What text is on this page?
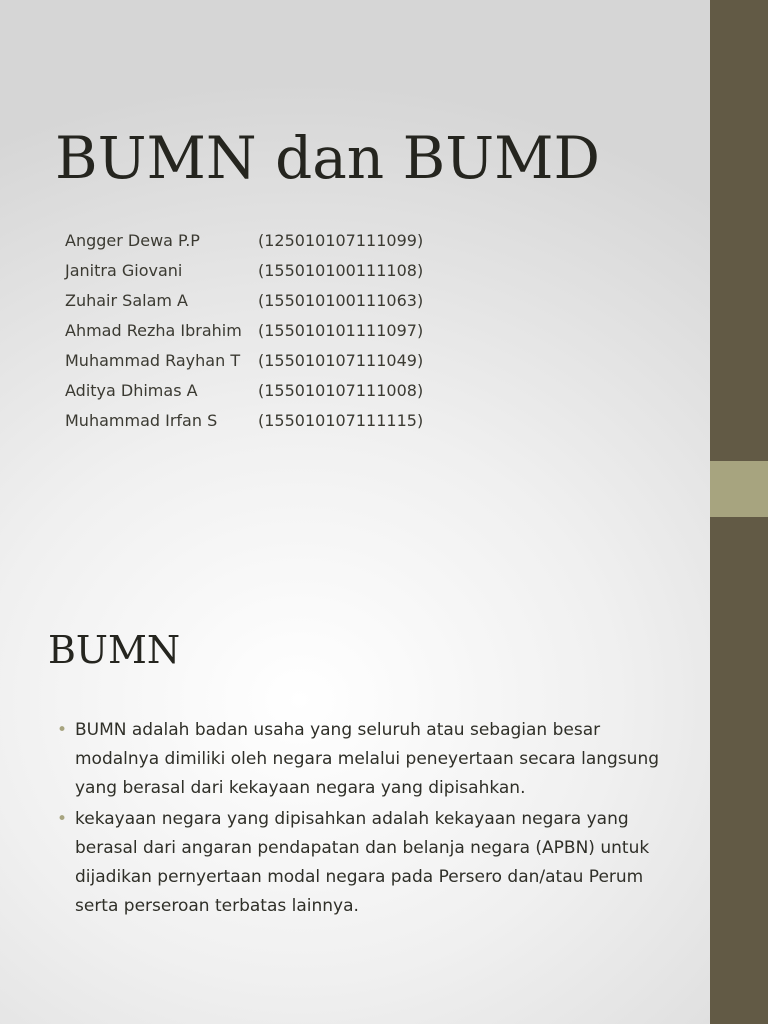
BUMN dan BUMD
Angger Dewa P.P	(125010107111099)
Janitra Giovani	(155010100111108)
Zuhair Salam A	(155010100111063)
Ahmad Rezha Ibrahim (155010101111097)
Muhammad Rayhan T (155010107111049)
Aditya Dhimas A	(155010107111008)
Muhammad Irfan S	(155010107111115)
BUMN
• BUMN adalah badan usaha yang seluruh atau sebagian besar modalnya dimiliki oleh negara melalui peneyertaan secara langsung yang berasal dari kekayaan negara yang dipisahkan.
• kekayaan negara yang dipisahkan adalah kekayaan negara yang berasal dari angaran pendapatan dan belanja negara (APBN) untuk dijadikan pernyertaan modal negara pada Persero dan/atau Perum serta perseroan terbatas lainnya.
